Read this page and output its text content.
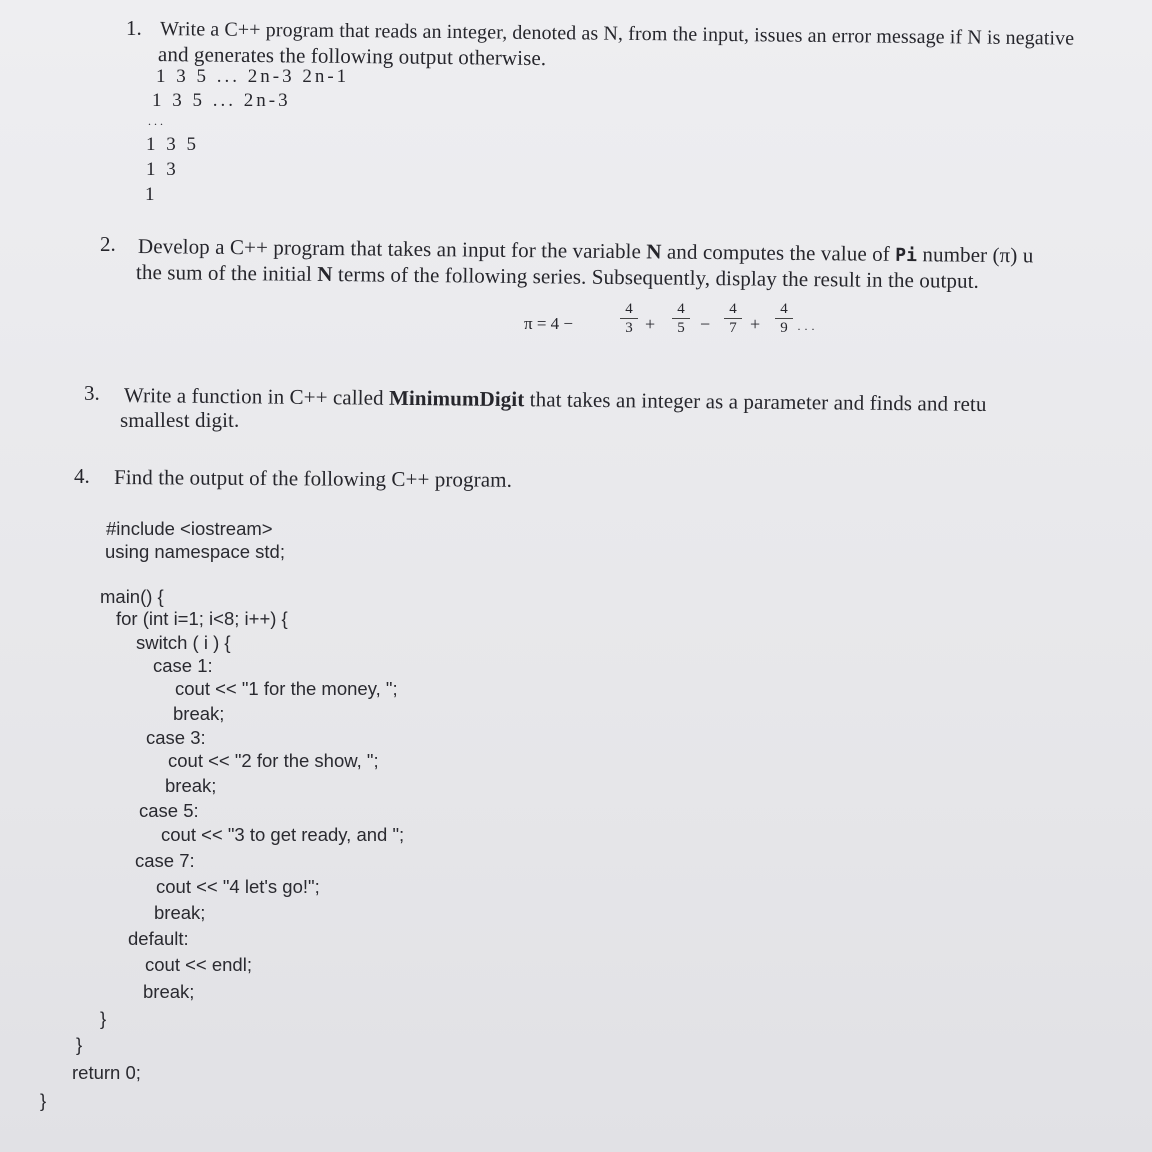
1. Write a C++ program that reads an integer, denoted as N, from the input, issues an error message if N is negative
and generates the following output otherwise.
1 3 5 ... 2n-3 2n-1
1 3 5 ... 2n-3
...
1 3 5
1 3
1
2. Develop a C++ program that takes an input for the variable N and computes the value of Pi number (π) u
the sum of the initial N terms of the following series. Subsequently, display the result in the output.
π = 4 −
4
3 +
4
5 −
4
7 +
4
9 · · ·
3. Write a function in C++ called MinimumDigit that takes an integer as a parameter and finds and retu
smallest digit.
4. Find the output of the following C++ program.
#include <iostream>
using namespace std;
main() {
for (int i=1; i<8; i++) {
switch ( i ) {
case 1:
cout << "1 for the money, ";
break;
case 3:
cout << "2 for the show, ";
break;
case 5:
cout << "3 to get ready, and ";
case 7:
cout << "4 let's go!";
break;
default:
cout << endl;
break;
}
}
return 0;
}
